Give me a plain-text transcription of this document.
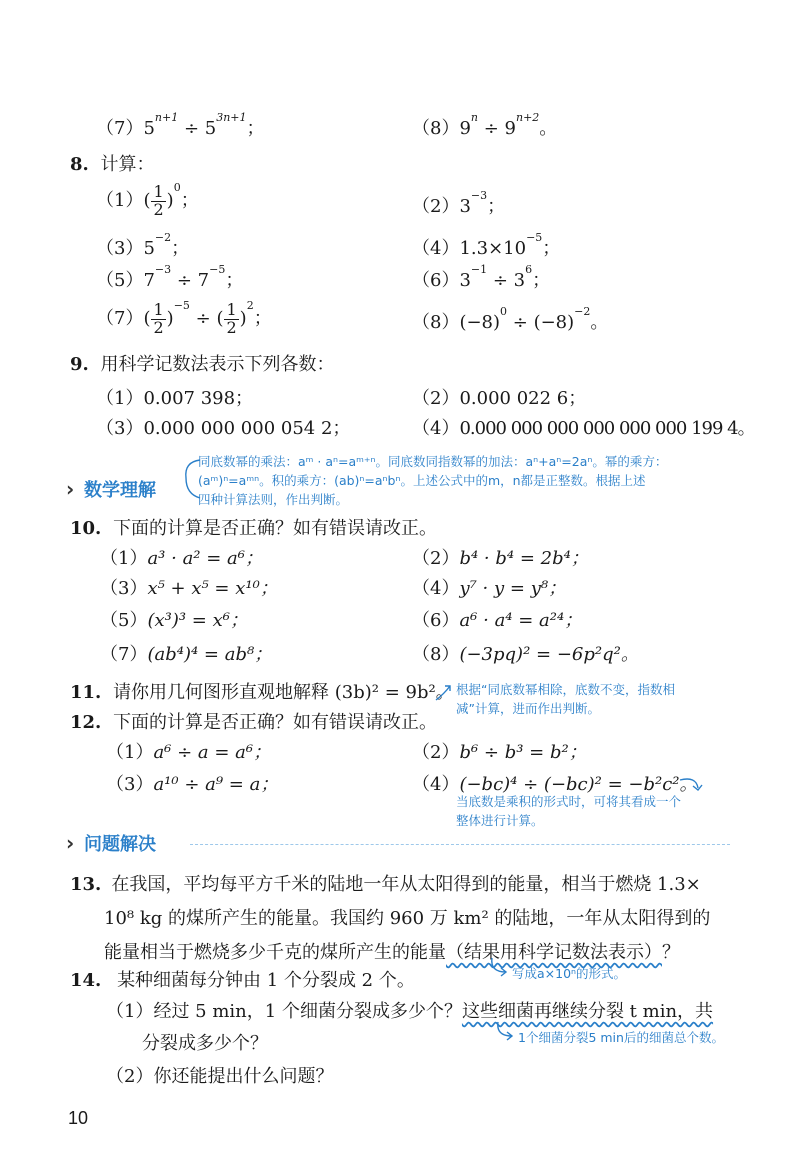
$(7)5^{n+1} \div 5^{3n+1}$；	$(8)9^n \div 9^{n+2}$。
8. 计算：
$(1)( \frac{1}{2} )^0$；	$(2)3^{-3}$；
$(3)5^{-2}$；	$(4)1.3\times 10^{-5}$；
$(5)7^{-3} \div 7^{-5}$；	$(6)3^{-1} \div 3^6$；
$(7)( \frac{1}{2} )^{-5}$ ÷ ( $\frac{1}{2} )^2$；	$(8)(-8)^0 \div (-8)^{-2}$。
9. 用科学记数法表示下列各数：
（1）0.007 398；	（2）0.000 022 6；
（3）0.000 000 000 054 2；	（4）0.000 000 000 000 000 000 199 4。
› 数学理解
同底数幂的乘法：aᵐ · aⁿ=aᵐ⁺ⁿ。同底数同指数幂的加法：aⁿ+aⁿ=2aⁿ。幂的乘方：
(aᵐ)ⁿ=aᵐⁿ。积的乘方：(ab)ⁿ=aⁿbⁿ。上述公式中的m，n都是正整数。根据上述
四种计算法则，作出判断。
10. 下面的计算是否正确？如有错误请改正。
（1）a³ · a² = a⁶；	（2）b⁴ · b⁴ = 2b⁴；
（3）x⁵ + x⁵ = x¹⁰；	（4）y⁷ · y = y⁸；
（5）(x³)³ = x⁶；	（6）a⁶ · a⁴ = a²⁴；
（7）(ab⁴)⁴ = ab⁸；	（8）(−3pq)² = −6p²q²。
11. 请你用几何图形直观地解释 (3b)² = 9b²。 根据“同底数幂相除，底数不变，指数相
减”计算，进而作出判断。
12. 下面的计算是否正确？如有错误请改正。
（1）a⁶ ÷ a = a⁶；	（2）b⁶ ÷ b³ = b²；
（3）a¹⁰ ÷ a⁹ = a；	（4）(−bc)⁴ ÷ (−bc)² = −b²c²。
当底数是乘积的形式时，可将其看成一个
整体进行计算。
› 问题解决
13. 在我国，平均每平方千米的陆地一年从太阳得到的能量，相当于燃烧 1.3×
10⁸ kg 的煤所产生的能量。我国约 960 万 km² 的陆地，一年从太阳得到的
能量相当于燃烧多少千克的煤所产生的能量（结果用科学记数法表示）？
14. 某种细菌每分钟由 1 个分裂成 2 个。	写成a×10ⁿ的形式。
（1）经过 5 min，1 个细菌分裂成多少个？这些细菌再继续分裂 t min，共
分裂成多少个？	1个细菌分裂5 min后的细菌总个数。
（2）你还能提出什么问题？
10
